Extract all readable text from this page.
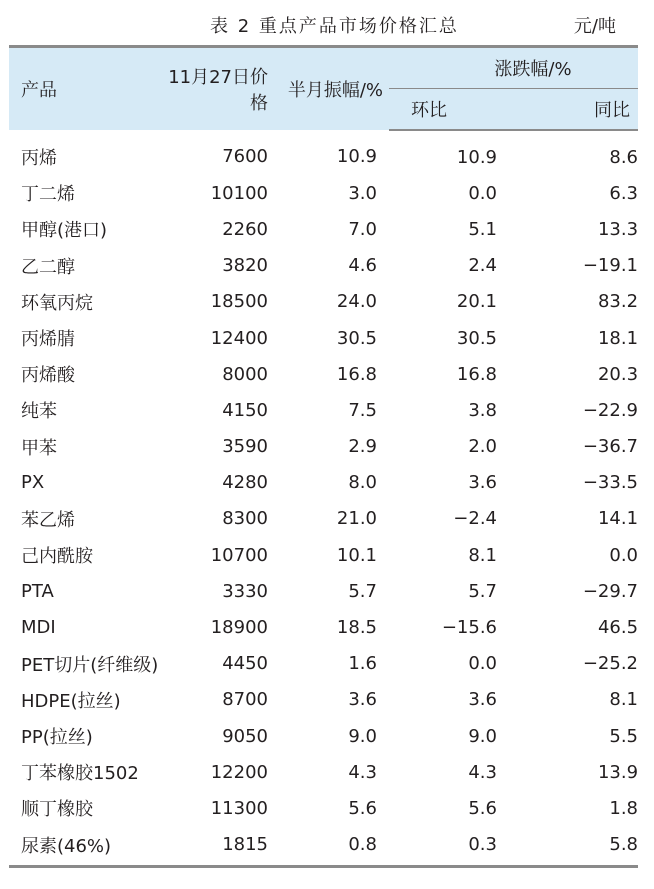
表 2 重点产品市场价格汇总	元/吨
产品	11月27日价格	半月振幅/%	涨跌幅/%	
			环比	同比
丙烯	7600	10.9	10.9	8.6
丁二烯	10100	3.0	0.0	6.3
甲醇(港口)	2260	7.0	5.1	13.3
乙二醇	3820	4.6	2.4	−19.1
环氧丙烷	18500	24.0	20.1	83.2
丙烯腈	12400	30.5	30.5	18.1
丙烯酸	8000	16.8	16.8	20.3
纯苯	4150	7.5	3.8	−22.9
甲苯	3590	2.9	2.0	−36.7
PX	4280	8.0	3.6	−33.5
苯乙烯	8300	21.0	−2.4	14.1
己内酰胺	10700	10.1	8.1	0.0
PTA	3330	5.7	5.7	−29.7
MDI	18900	18.5	−15.6	46.5
PET切片(纤维级)	4450	1.6	0.0	−25.2
HDPE(拉丝)	8700	3.6	3.6	8.1
PP(拉丝)	9050	9.0	9.0	5.5
丁苯橡胶1502	12200	4.3	4.3	13.9
顺丁橡胶	11300	5.6	5.6	1.8
尿素(46%)	1815	0.8	0.3	5.8
